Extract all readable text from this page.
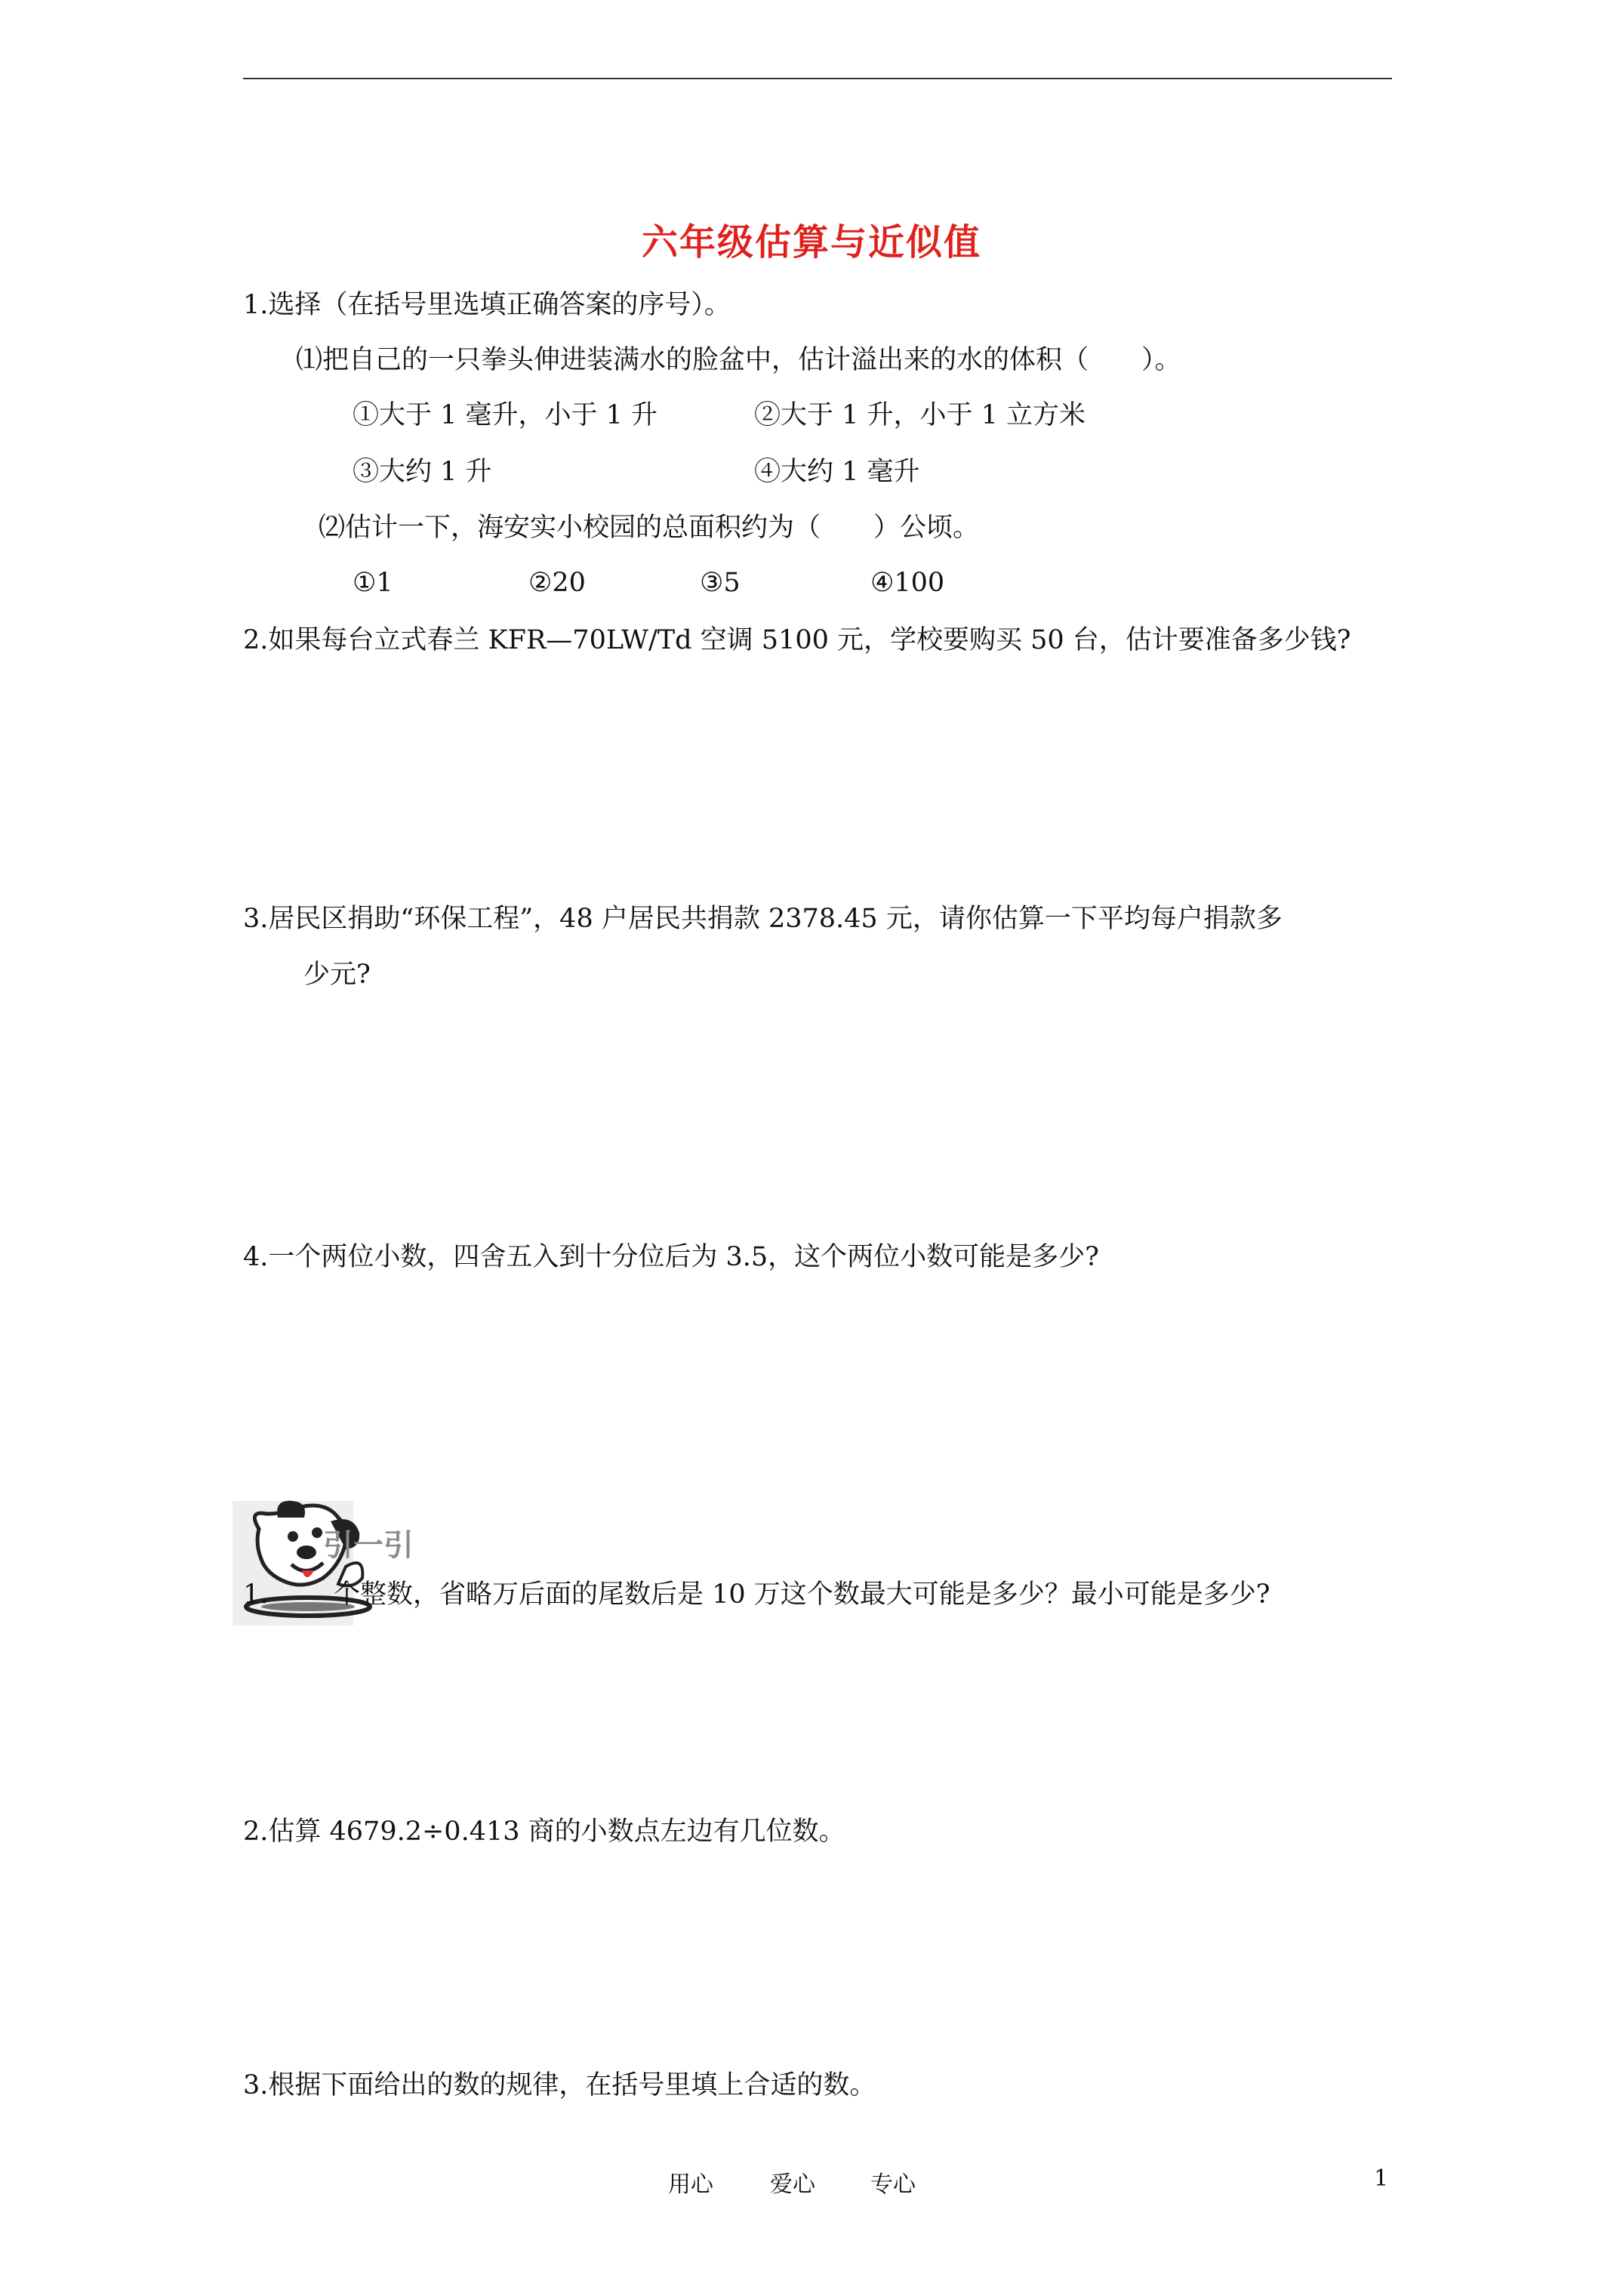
六年级估算与近似值
1.选择（在括号里选填正确答案的序号）。
⑴把自己的一只拳头伸进装满水的脸盆中，估计溢出来的水的体积（　　）。
①大于 1 毫升，小于 1 升	②大于 1 升，小于 1 立方米
③大约 1 升	④大约 1 毫升
⑵估计一下，海安实小校园的总面积约为（　　）公顷。
①1	②20	③5	④100
2.如果每台立式春兰 KFR—70LW/Td 空调 5100 元，学校要购买 50 台，估计要准备多少钱?
3.居民区捐助“环保工程”，48 户居民共捐款 2378.45 元，请你估算一下平均每户捐款多
少元?
4.一个两位小数，四舍五入到十分位后为 3.5，这个两位小数可能是多少?
引一引
1. 个整数，省略万后面的尾数后是 10 万这个数最大可能是多少？最小可能是多少?
2.估算 4679.2÷0.413 商的小数点左边有几位数。
3.根据下面给出的数的规律，在括号里填上合适的数。
用心	爱心 专心	1
